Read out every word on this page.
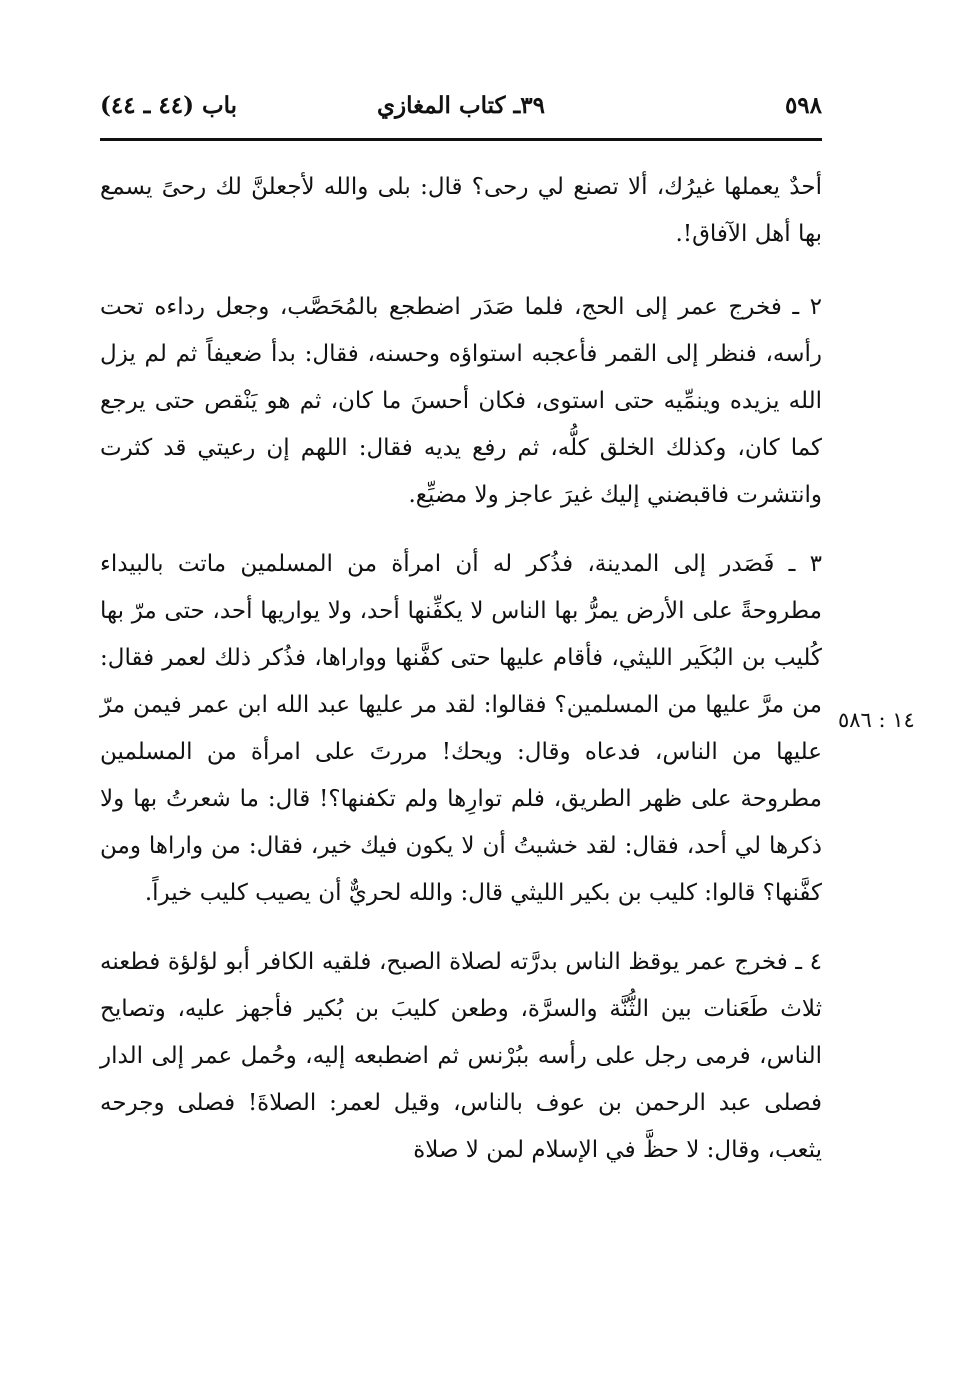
٥٩٨
٣٩ـ كتاب المغازي
باب (٤٤ ـ ٤٤)

أحدٌ يعملها غيرُك، ألا تصنع لي رحى؟ قال: بلى والله لأجعلنَّ لك رحىً يسمع بها أهل الآفاق!.

٢ ـ فخرج عمر إلى الحج، فلما صَدَر اضطجع بالمُحَصَّب، وجعل رداءه تحت رأسه، فنظر إلى القمر فأعجبه استواؤه وحسنه، فقال: بدأ ضعيفاً ثم لم يزل الله يزيده وينمِّيه حتى استوى، فكان أحسنَ ما كان، ثم هو يَنْقص حتى يرجع كما كان، وكذلك الخلق كلُّه، ثم رفع يديه فقال: اللهم إن رعيتي قد كثرت وانتشرت فاقبضني إليك غيرَ عاجز ولا مضيِّع.

٣ ـ فَصَدر إلى المدينة، فذُكر له أن امرأة من المسلمين ماتت بالبيداء مطروحةً على الأرض يمرُّ بها الناس لا يكفِّنها أحد، ولا يواريها أحد، حتى مرّ بها كُليب بن البُكَير الليثي، فأقام عليها حتى كفَّنها وواراها، فذُكر ذلك لعمر فقال: من مرَّ عليها من المسلمين؟ فقالوا: لقد مر عليها عبد الله ابن عمر فيمن مرّ عليها من الناس، فدعاه وقال: ويحك! مررتَ على امرأة من المسلمين مطروحة على ظهر الطريق، فلم توارِها ولم تكفنها؟! قال: ما شعرتُ بها ولا ذكرها لي أحد، فقال: لقد خشيتُ أن لا يكون فيك خير، فقال: من واراها ومن كفَّنها؟ قالوا: كليب بن بكير الليثي قال: والله لحريٌّ أن يصيب كليب خيراً.

٤ ـ فخرج عمر يوقظ الناس بدرَّته لصلاة الصبح، فلقيه الكافر أبو لؤلؤة فطعنه ثلاث طَعَنات بين الثُّنَّة والسرَّة، وطعن كليبَ بن بُكير فأجهز عليه، وتصايح الناس، فرمى رجل على رأسه ببُرْنس ثم اضطبعه إليه، وحُمل عمر إلى الدار فصلى عبد الرحمن بن عوف بالناس، وقيل لعمر: الصلاةَ! فصلى وجرحه يثعب، وقال: لا حظَّ في الإسلام لمن لا صلاة

١٤ : ٥٨٦
